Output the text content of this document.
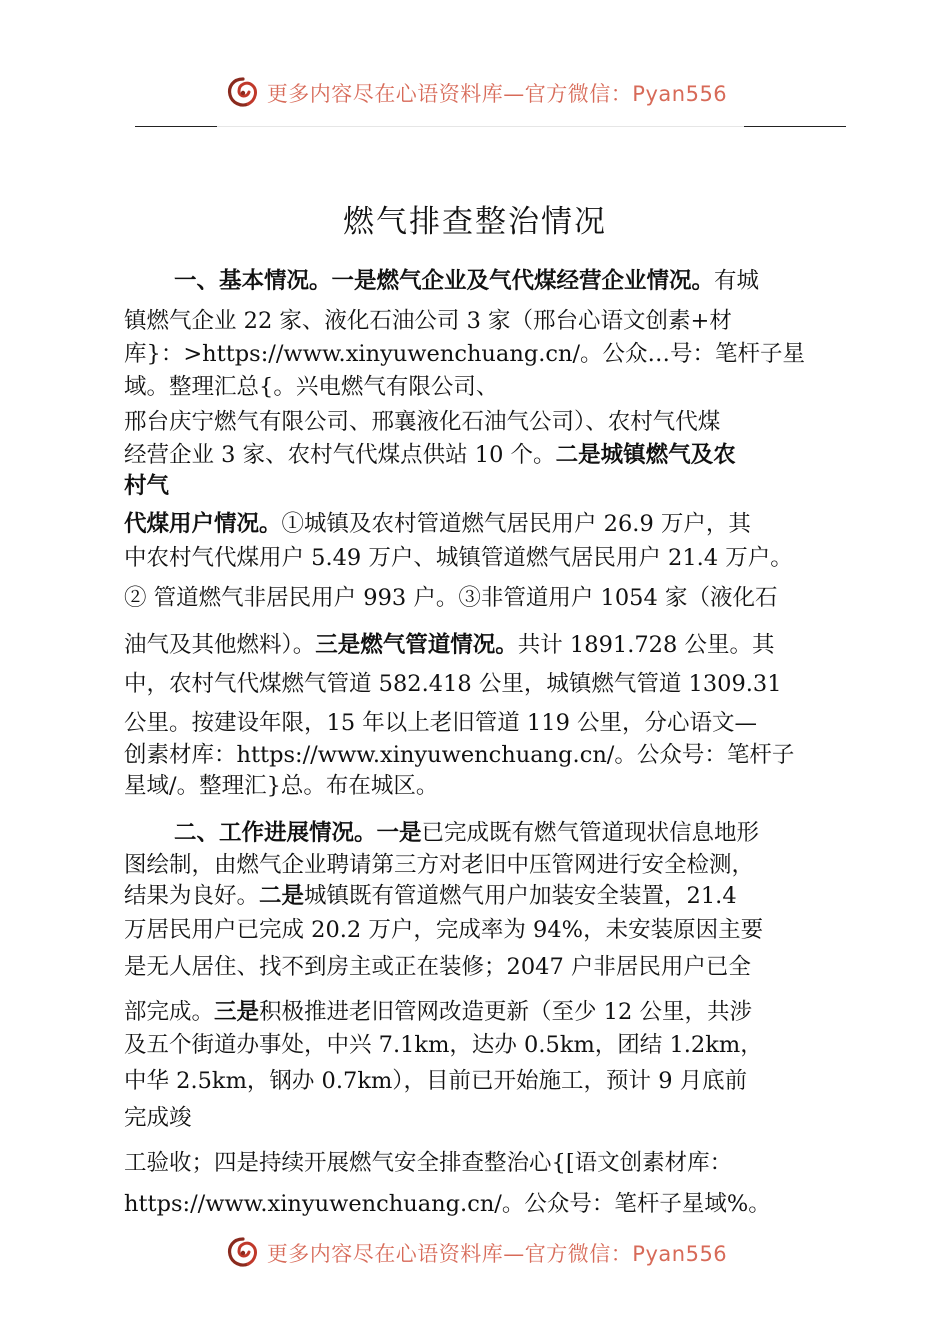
更多内容尽在心语资料库—官方微信：Pyan556
燃气排查整治情况
一、基本情况。一是燃气企业及气代煤经营企业情况。有城
镇燃气企业 22 家、液化石油公司 3 家（邢台心语文创素+材
库}：>https://www.xinyuwenchuang.cn/。公众…号：笔杆子星
域。整理汇总{。兴电燃气有限公司、
邢台庆宁燃气有限公司、邢襄液化石油气公司）、农村气代煤
经营企业 3 家、农村气代煤点供站 10 个。二是城镇燃气及农
村气
代煤用户情况。①城镇及农村管道燃气居民用户 26.9 万户，其
中农村气代煤用户 5.49 万户、城镇管道燃气居民用户 21.4 万户。
② 管道燃气非居民用户 993 户。③非管道用户 1054 家（液化石
油气及其他燃料）。三是燃气管道情况。共计 1891.728 公里。其
中，农村气代煤燃气管道 582.418 公里，城镇燃气管道 1309.31
公里。按建设年限，15 年以上老旧管道 119 公里，分心语文—
创素材库：https://www.xinyuwenchuang.cn/。公众号：笔杆子
星域/。整理汇}总。布在城区。
二、工作进展情况。一是已完成既有燃气管道现状信息地形
图绘制，由燃气企业聘请第三方对老旧中压管网进行安全检测，
结果为良好。二是城镇既有管道燃气用户加装安全装置，21.4
万居民用户已完成 20.2 万户，完成率为 94%，未安装原因主要
是无人居住、找不到房主或正在装修；2047 户非居民用户已全
部完成。三是积极推进老旧管网改造更新（至少 12 公里，共涉
及五个街道办事处，中兴 7.1km，达办 0.5km，团结 1.2km，
中华 2.5km，钢办 0.7km），目前已开始施工，预计 9 月底前
完成竣
工验收；四是持续开展燃气安全排查整治心{[语文创素材库：
https://www.xinyuwenchuang.cn/。公众号：笔杆子星域%。
更多内容尽在心语资料库—官方微信：Pyan556
